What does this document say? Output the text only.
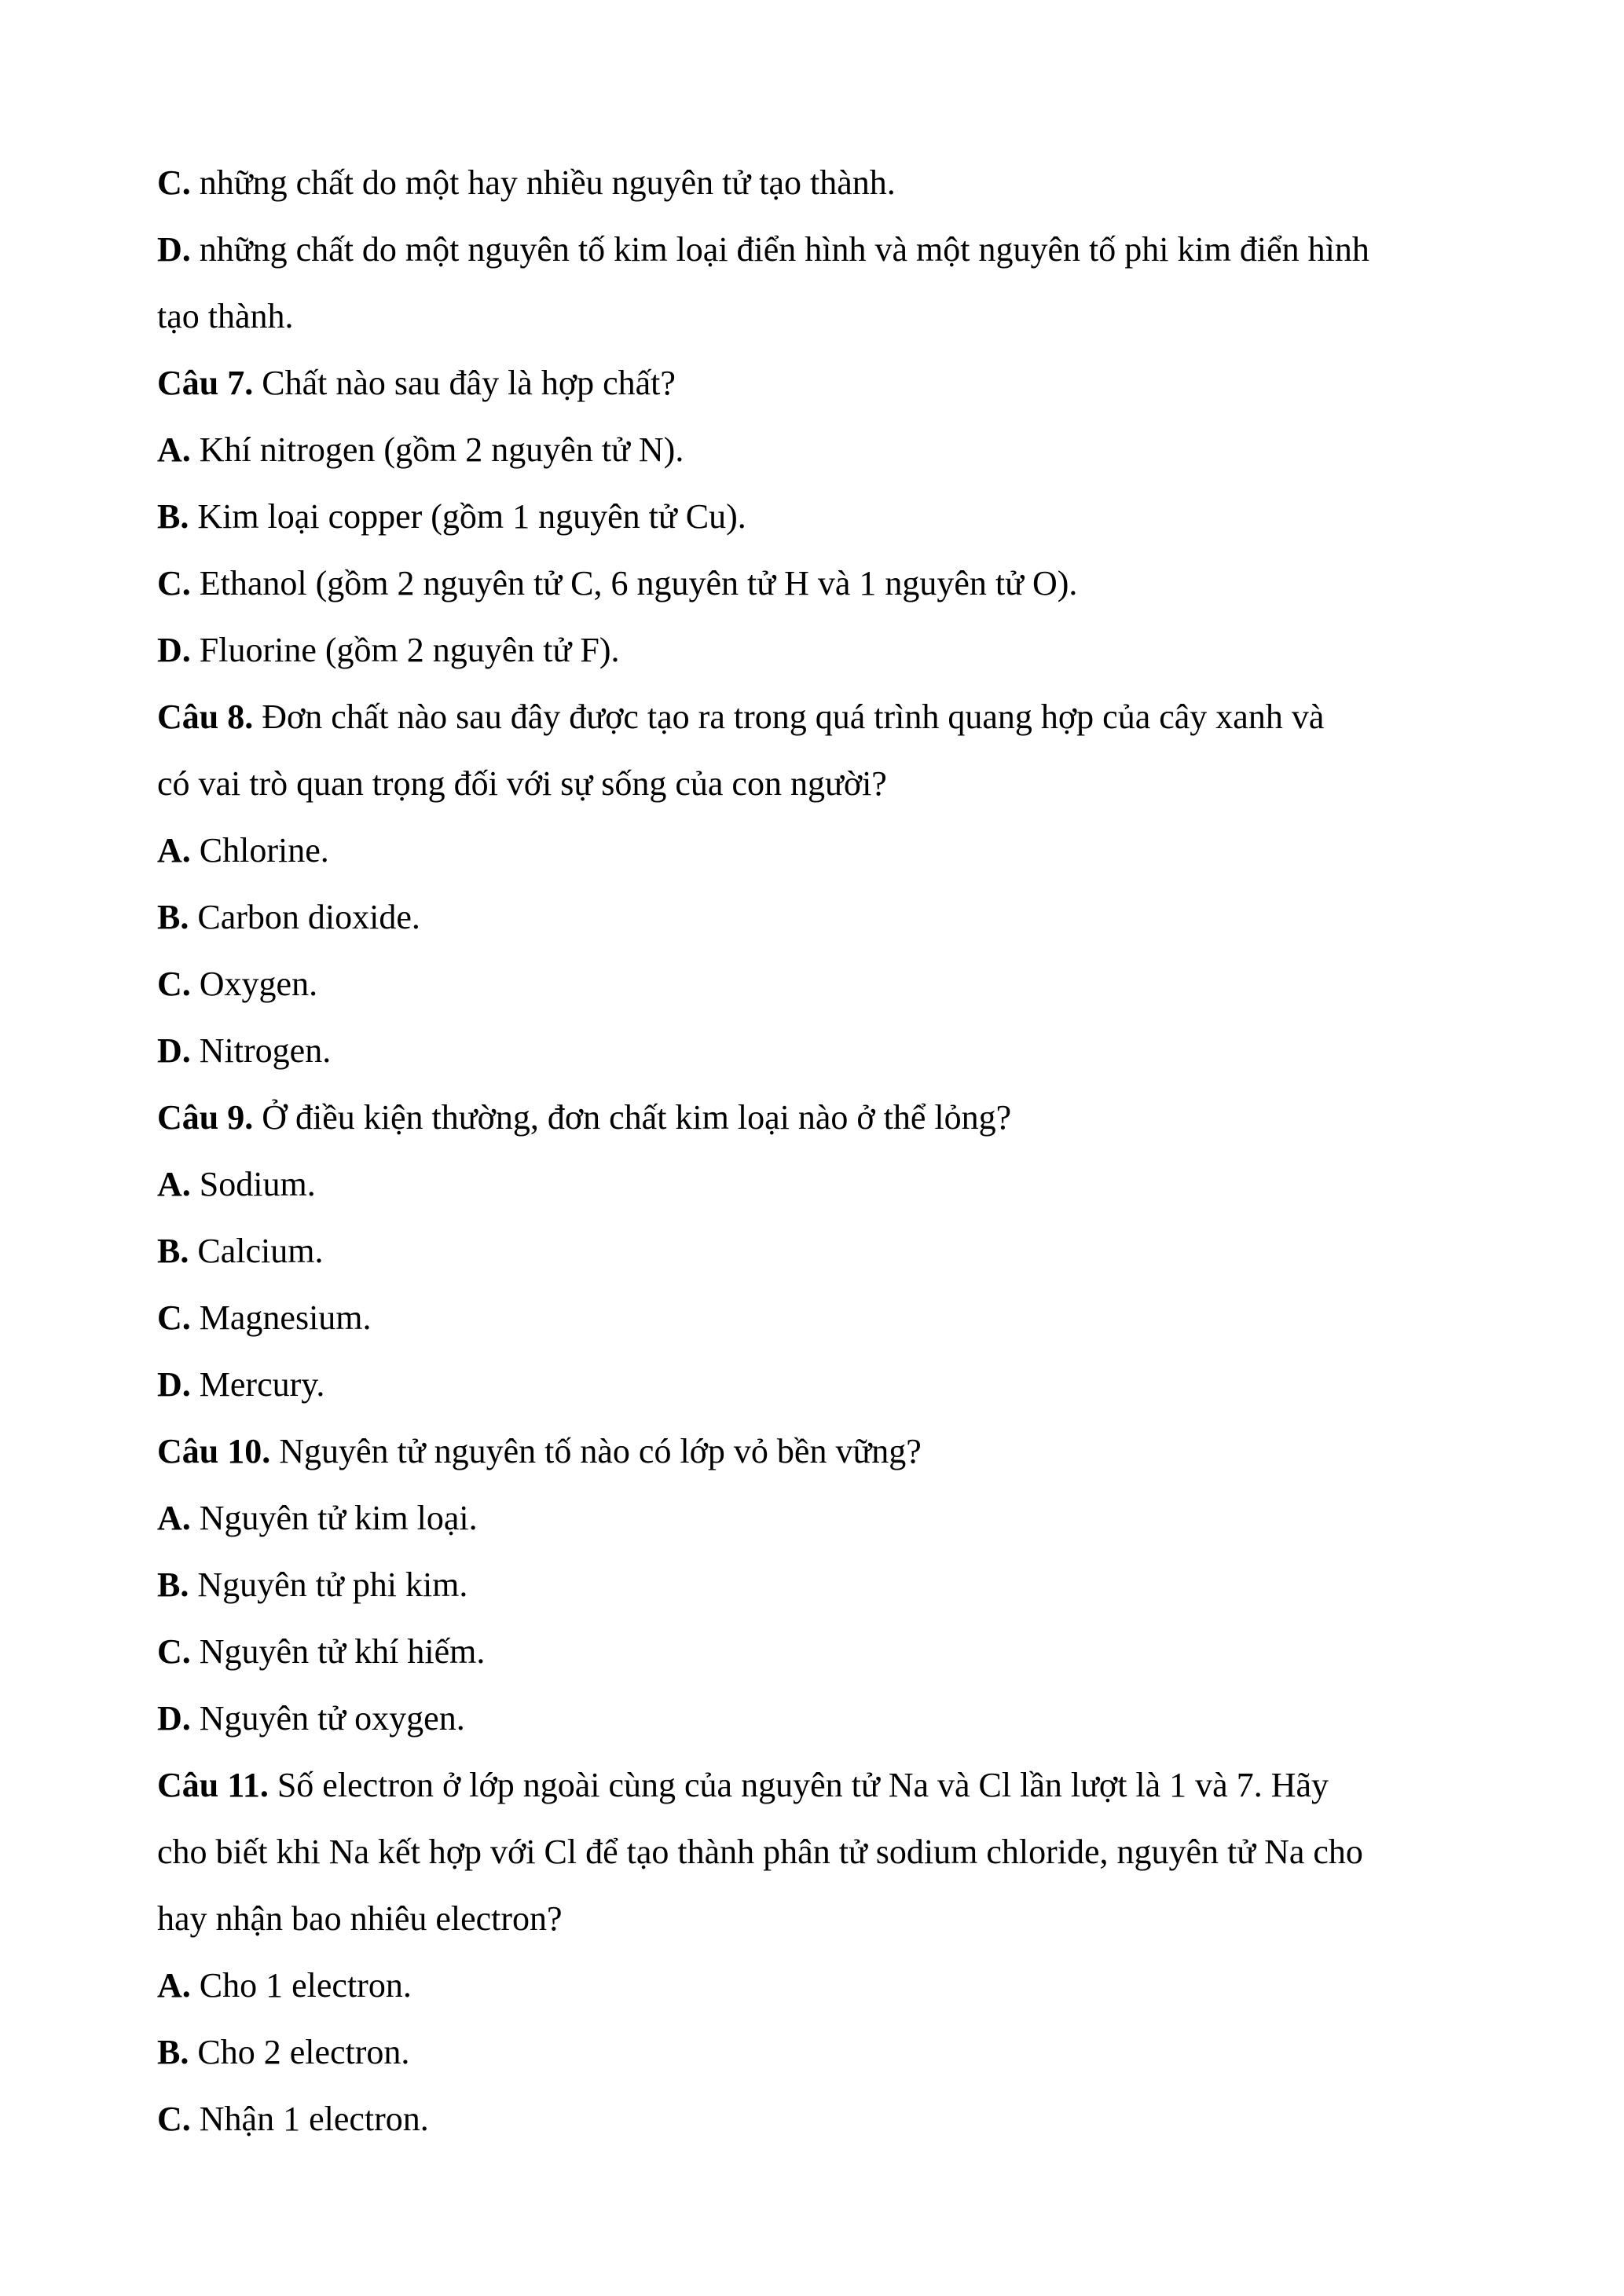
C. những chất do một hay nhiều nguyên tử tạo thành.
D. những chất do một nguyên tố kim loại điển hình và một nguyên tố phi kim điển hình
tạo thành.
Câu 7. Chất nào sau đây là hợp chất?
A. Khí nitrogen (gồm 2 nguyên tử N).
B. Kim loại copper (gồm 1 nguyên tử Cu).
C. Ethanol (gồm 2 nguyên tử C, 6 nguyên tử H và 1 nguyên tử O).
D. Fluorine (gồm 2 nguyên tử F).
Câu 8. Đơn chất nào sau đây được tạo ra trong quá trình quang hợp của cây xanh và
có vai trò quan trọng đối với sự sống của con người?
A. Chlorine.
B. Carbon dioxide.
C. Oxygen.
D. Nitrogen.
Câu 9. Ở điều kiện thường, đơn chất kim loại nào ở thể lỏng?
A. Sodium.
B. Calcium.
C. Magnesium.
D. Mercury.
Câu 10. Nguyên tử nguyên tố nào có lớp vỏ bền vững?
A. Nguyên tử kim loại.
B. Nguyên tử phi kim.
C. Nguyên tử khí hiếm.
D. Nguyên tử oxygen.
Câu 11. Số electron ở lớp ngoài cùng của nguyên tử Na và Cl lần lượt là 1 và 7. Hãy
cho biết khi Na kết hợp với Cl để tạo thành phân tử sodium chloride, nguyên tử Na cho
hay nhận bao nhiêu electron?
A. Cho 1 electron.
B. Cho 2 electron.
C. Nhận 1 electron.
